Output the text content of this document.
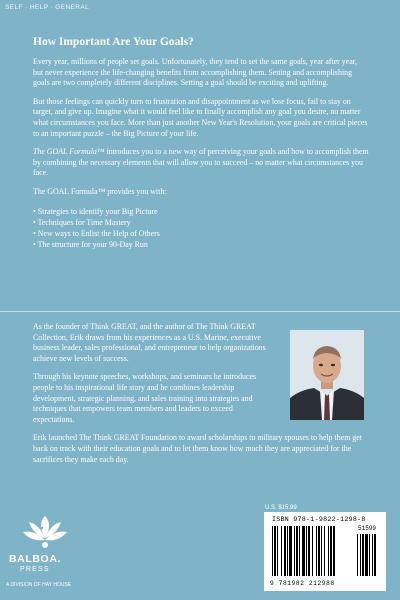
SELF · HELP · GENERAL
How Important Are Your Goals?

Every year, millions of people set goals. Unfortunately, they tend to set the same goals, year after year, but never experience the life-changing benefits from accomplishing them. Setting and accomplishing goals are two completely different disciplines. Setting a goal should be exciting and uplifting.

But those feelings can quickly turn to frustration and disappointment as we lose focus, fail to stay on target, and give up. Imagine what it would feel like to finally accomplish any goal you desire, no matter what circumstances you face. More than just another New Year's Resolution, your goals are critical pieces to an important puzzle – the Big Picture of your life.

The GOAL Formula™ introduces you to a new way of perceiving your goals and how to accomplish them by combining the necessary elements that will allow you to succeed – no matter what circumstances you face.

The GOAL Formula™ provides you with:

• Strategies to identify your Big Picture
• Techniques for Time Mastery
• New ways to Enlist the Help of Others
• The structure for your 90-Day Run

As the founder of Think GREAT, and the author of The Think GREAT Collection, Erik draws from his experiences as a U.S. Marine, executive business leader, sales professional, and entrepreneur to help organizations achieve new levels of success.

Through his keynote speeches, workshops, and seminars he introduces people to his inspirational life story and he combines leadership development, strategic planning, and sales training into strategies and techniques that empowers team members and leaders to exceed expectations.

Erik launched The Think GREAT Foundation to award scholarships to military spouses to help them get back on track with their education goals and to let them know how much they are appreciated for the sacrifices they make each day.

BALBOA.
PRESS
A DIVISION OF HAY HOUSE
U.S. $15.99
ISBN 978-1-9822-1298-8
51599
9 781982 212988
